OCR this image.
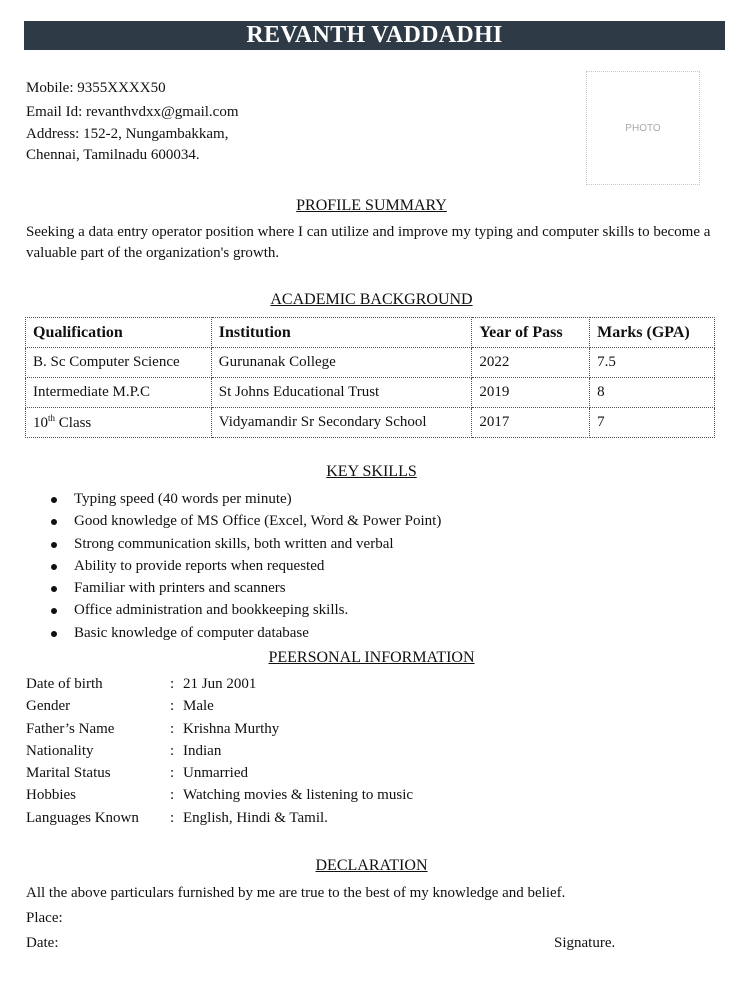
REVANTH VADDADHI
Mobile: 9355XXXX50
Email Id: revanthvdxx@gmail.com
Address: 152-2, Nungambakkam,
Chennai, Tamilnadu 600034.
PHOTO
PROFILE SUMMARY
Seeking a data entry operator position where I can utilize and improve my typing and computer skills to become a valuable part of the organization's growth.
ACADEMIC BACKGROUND
Qualification	Institution	Year of Pass	Marks (GPA)
B. Sc Computer Science	Gurunanak College	2022	7.5
Intermediate M.P.C	St Johns Educational Trust	2019	8
10th Class	Vidyamandir Sr Secondary School	2017	7
KEY SKILLS
Typing speed (40 words per minute)
Good knowledge of MS Office (Excel, Word & Power Point)
Strong communication skills, both written and verbal
Ability to provide reports when requested
Familiar with printers and scanners
Office administration and bookkeeping skills.
Basic knowledge of computer database
PEERSONAL INFORMATION
Date of birth	: 21 Jun 2001
Gender	: Male
Father’s Name	: Krishna Murthy
Nationality	: Indian
Marital Status	: Unmarried
Hobbies	: Watching movies & listening to music
Languages Known	: English, Hindi & Tamil.
DECLARATION
All the above particulars furnished by me are true to the best of my knowledge and belief.
Place:
Date:	Signature.
